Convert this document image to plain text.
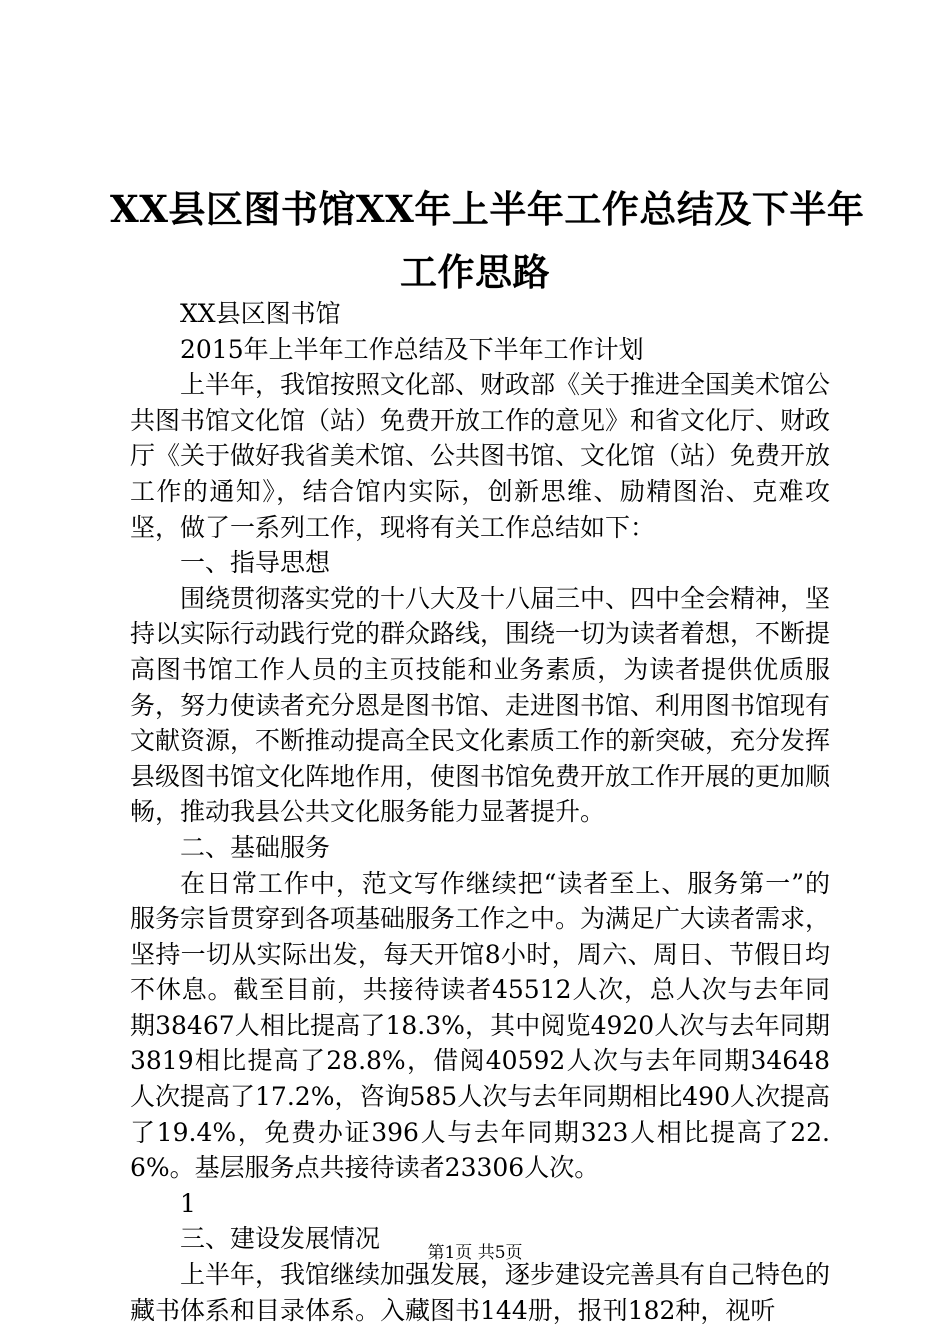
XX县区图书馆XX年上半年工作总结及下半年
工作思路

XX县区图书馆

2015年上半年工作总结及下半年工作计划

上半年，我馆按照文化部、财政部《关于推进全国美术馆公共图书馆文化馆（站）免费开放工作的意见》和省文化厅、财政厅《关于做好我省美术馆、公共图书馆、文化馆（站）免费开放工作的通知》，结合馆内实际，创新思维、励精图治、克难攻坚，做了一系列工作，现将有关工作总结如下：

一、指导思想

围绕贯彻落实党的十八大及十八届三中、四中全会精神，坚持以实际行动践行党的群众路线，围绕一切为读者着想，不断提高图书馆工作人员的主页技能和业务素质，为读者提供优质服务，努力使读者充分恩是图书馆、走进图书馆、利用图书馆现有文献资源，不断推动提高全民文化素质工作的新突破，充分发挥县级图书馆文化阵地作用，使图书馆免费开放工作开展的更加顺畅，推动我县公共文化服务能力显著提升。

二、基础服务

在日常工作中，范文写作继续把“读者至上、服务第一”的服务宗旨贯穿到各项基础服务工作之中。为满足广大读者需求，坚持一切从实际出发，每天开馆8小时，周六、周日、节假日均不休息。截至目前，共接待读者45512人次，总人次与去年同期38467人相比提高了18.3%，其中阅览4920人次与去年同期3819相比提高了28.8%，借阅40592人次与去年同期34648人次提高了17.2%，咨询585人次与去年同期相比490人次提高了19.4%，免费办证396人与去年同期323人相比提高了22.6%。基层服务点共接待读者23306人次。

1

三、建设发展情况

上半年，我馆继续加强发展，逐步建设完善具有自己特色的藏书体系和目录体系。入藏图书144册，报刊182种，视听

第1页 共5页
